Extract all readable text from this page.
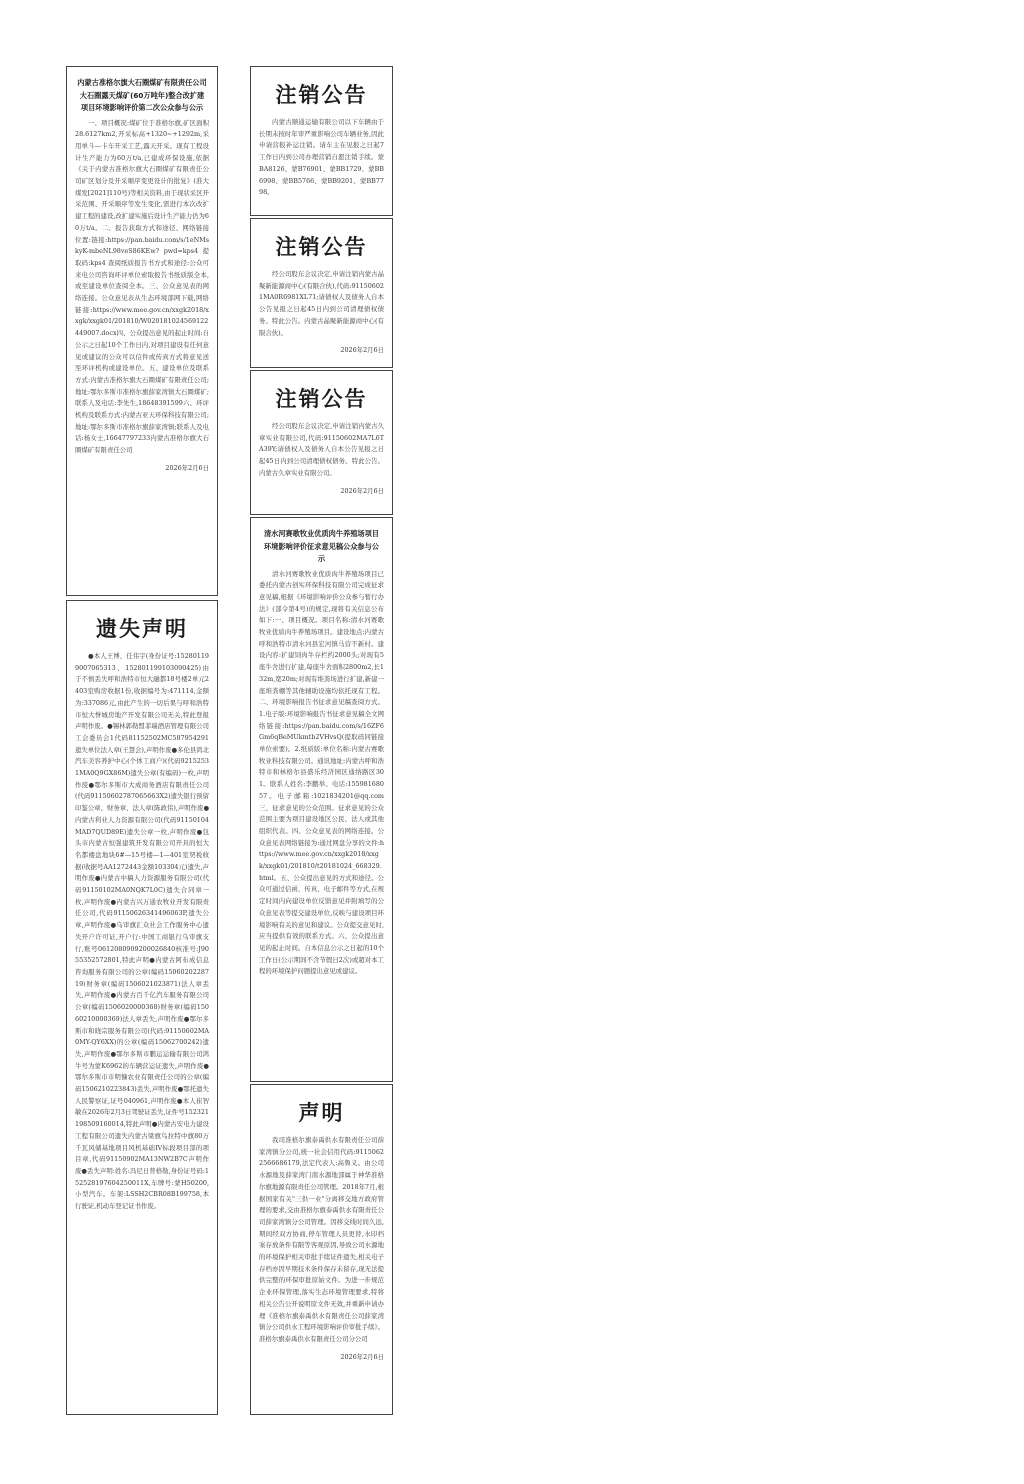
内蒙古准格尔旗大石圈煤矿有限责任公司大石圈露天煤矿(60万吨年)整合改扩建项目环境影响评价第二次公众参与公示

一、项目概况:煤矿位于准格尔旗,矿区面积28.6127km2,开采标高+1320~+1292m,采用单斗—卡车开采工艺,露天开采。现有工程设计生产能力为60万t/a,已建成环保设施,依据《关于内蒙古准格尔旗大石圈煤矿有限责任公司矿区划分及开采顺序变更设计的批复》(准大煤发[2021]110号)等相关资料,由于现状采区开采范围、开采顺序等发生变化,需进行本次改扩建工程的建设,改扩建实施后设计生产能力仍为60万t/a。二、报告获取方式和途径、网络链接位置:链接:https://pan.baidu.com/s/1eNMskyK-mbeNL98veS86KEw? pwd=kps4 提取码:kps4 查阅纸质报告书方式和途径:公众可来电公司咨询环评单位索取报告书纸质版全本,或至建设单位查阅全本。三、公众意见表的网络连接。公众意见表从生态环境部网下载,网络链接:https://www.mee.gov.cn/xxgk2018/xxgk/xxgk01/201810/W020181024569122449007.docx四、公众提出意见的起止时间:自公示之日起10个工作日内,对项目建设有任何意见或建议的公众可以信件或传真方式将意见送至环评机构或建设单位。五、建设单位及联系方式:内蒙古准格尔旗大石圈煤矿有限责任公司;地址:鄂尔多斯市准格尔旗薛家湾镇大石圈煤矿;联系人及电话:李先生,18648391599六、环评机构及联系方式:内蒙古亚天环保科技有限公司;地址:鄂尔多斯市准格尔旗薛家湾镇;联系人及电话:杨女士,16647797233内蒙古准格尔旗大石圈煤矿有限责任公司

2026年2月6日
遗失声明

●本人王博、任伟宇(身份证号:152801199007065313、152801199103090425)由于不慎丢失呼和浩特市恒大融都18号楼2单元2403室购房收据1份,收据编号为:471114,金额为:337086元,由此产生的一切后果与呼和浩特市恒大誉城房地产开发有限公司无关,特此登报声明作废。●锡林郭勒盟菲瑞酒店管理有限公司工会委员会1代码81152502MC587954291遗失单位法人章(王慧会),声明作废●多伦县鸿北汽车美容养护中心(个体工商户)(代码92152531MA0Q9GX86M)遗失公章(有编码)一枚,声明作废●鄂尔多斯市大成商务酒店有限责任公司(代码91150602787065663X2)遗失银行预留印鉴公章、财务章、法人章(陈政伟),声明作废●内蒙古利业人力资源有限公司(代码91150104MAD7QUD89E)遗失公章一枚,声明作废●包头市内蒙古恒强建筑开发有限公司开具的恒大名都楼盘地块6#—15号楼—1—401室契税收据(收据号AA1272443金额103304元)遗失,声明作废●内蒙古中稿人力资源服务有限公司(代码91150102MA0NQK7L0C)遗失合同章一枚,声明作废●内蒙古兴万通农牧业开发有限责任公司,代码91150626341496063P,遗失公章,声明作废●乌审旗汇众社会工作服务中心遗失开户许可证,开户行:中国工商银行乌审旗支行,账号0612080909200026840核准号:J9055352572801,特此声明●内蒙古阿布成信息咨询服务有限公司的公章(编码1506020228719)财务章(编码1506021023871)法人章丢失,声明作废●内蒙古百千亿汽车服务有限公司公章(编码1506020000368)财务章(编码15060210000369)法人章丢失,声明作废●鄂尔多斯市和晓宗服务有限公司(代码:91150602MA0MY-QY6XX)的公章(编码15062700242)遗失,声明作废●鄂尔多斯市鹏运运输有限公司鸿牛号为蒙K6962的车辆营运证遗失,声明作废●鄂尔多斯市市明慷农业有限责任公司的公章(编码1506210223843)丢失,声明作废●鄂托遗失人民警察证,证号040961,声明作废●本人崔智敏在2026年2月3日驾驶证丢失,证件号152321198509160014,特此声明●内蒙古安电力建设工程有限公司遗失内蒙古梁旗鸟拉特中旗80万千瓦风储基地项目风机基础IV标段项目部的项目章,代码91150902MA13NW2B7C声明作废●丢失声明:姓名:冯尼日普格勒,身份证号码:152528197604250011X,车牌号:蒙H50200,小型汽车。车架:LSSH2CBR08B199758,本行驶证,机动车登记证书作废。

注销公告

内蒙古顺通运输有限公司以下车辆由于长期未按时年审严重影响公司车辆业务,因此申请营报补运注销。请车主在见报之日起7工作日内到公司办理营销自愿注销手续。蒙BA8126、蒙B76901、蒙BB1729、蒙BB6998、蒙BB5766、蒙BB9201、蒙BB7798。

注销公告

经公司股东会议决定,申请注销内蒙古晶聚新能源商中心(有限合伙),代码:911506021MA0R6981XL71;请债权人及债务人自本公告见报之日起45日内到公司清理债权债务。特此公告。内蒙古晶聚新能源商中心(有限合伙)。

2026年2月6日
注销公告

经公司股东会议决定,申请注销内蒙古久章实业有限公司,代码:91150602MA7L6TA39Y;请债权人及债务人自本公告见报之日起45日内到公司清理债权债务。特此公告。内蒙古久章实业有限公司。

2026年2月6日
清水河赛歌牧业优质肉牛养殖场项目环境影响评价征求意见稿公众参与公示

清水河赛歌牧业优质肉牛养殖场项目已委托内蒙古创实环保科技有限公司完成征求意见稿,根据《环境影响评价公众参与暂行办法》(部令第4号)的规定,现将有关信息公布如下:一、项目概况。项目名称:清水河赛歌牧业优质肉牛养殖场项目。建设地点:内蒙古呼和浩特市清水河县宏河镇马营不新村。建设内容:扩建饲肉牛存栏约2000头;对现有5座牛舍进行扩建,每座牛舍面积2800m2,长132m,宽20m;对现有堆粪场进行扩建,新建一座堆粪棚等其他辅助设施均依托现有工程。二、环境影响报告书征求意见稿查阅方式。1.电子版:环境影响报告书征求意见稿全文网络链接:https://pan.baidu.com/s/16ZF6Gm6qBeMUkmtb2VHvsQ(提取码同链接单位索要)。2.纸质版:单位名称:内蒙古赛歌牧业科技有限公司。通讯地址:内蒙古呼和浩特市和林格尔县盛乐经济园区通纳路区301。联系人姓名:李鹏举。电话:15598168057。电子邮箱:1021834201@qq.com三、征求意见的公众范围。征求意见的公众范围主要为项目建设地区公民、法人或其他组织代表。四、公众意见表的网络连接。公众意见表网络链接为:通过网盘分享的文件:https://www.mee.gov.cn/xxgk2018/xxgk/xxgk01/201810/t20181024_668329.html。五、公众提出意见的方式和途径。公众可通过信函、传真、电子邮件等方式,在规定时间内向建设单位反馈意见并附填写的公众意见表等提交建设单位,反映与建设项目环境影响有关的意见和建议。公众提交意见时,应当提供有效的联系方式。六、公众提出意见的起止时间。自本信息公示之日起的10个工作日(公示期间不含节假日2次)或超对本工程的环境保护问题提出意见或建议。

声明

我司准格尔旗泰禹供水有限责任公司薛家湾镇分公司,统一社会信用代码:91150622566686179,法定代表人:高鲁义。由公司水源地及薛家湾门南水源地部属于神华准格尔旗地源有限责任公司管理。2018年7月,根据国家有关"三供一业"分离移交地方政府管理的要求,交由准格尔旗泰禹供水有限责任公司薛家湾镇分公司管理。因移交线时间久远,期间经双方协商,停车管理人员更替,水印档案存放条件有限等客观原因,导致公司水源地的环境保护相关审批手续证件遗失,相关电子存档亦因早期技术条件保存未留存,现无法提供完整的环保审批原始文件。为进一步规范企业环保管理,落实生态环境管理要求,特将相关公告公开说明原文件无效,并重新申请办理《准格尔旗泰禹供水有限责任公司薛家湾镇分公司供水工程环境影响评价审批手续》。准格尔旗泰禹供水有限责任公司分公司

2026年2月6日
